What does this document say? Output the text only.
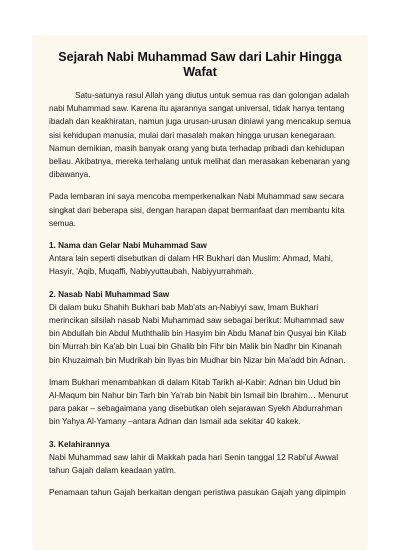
Sejarah Nabi Muhammad Saw dari Lahir Hingga Wafat

Satu-satunya rasul Allah yang diutus untuk semua ras dan golongan adalah nabi Muhammad saw. Karena itu ajarannya sangat universal, tidak hanya tentang ibadah dan keakhiratan, namun juga urusan-urusan diniawi yang mencakup semua sisi kehidupan manusia, mulai dari masalah makan hingga urusan kenegaraan. Namun demikian, masih banyak orang yang buta terhadap pribadi dan kehidupan beliau. Akibatnya, mereka terhalang untuk melihat dan merasakan kebenaran yang dibawanya.

Pada lembaran ini saya mencoba memperkenalkan Nabi Muhammad saw secara singkat dari beberapa sisi, dengan harapan dapat bermanfaat dan membantu kita semua.

1. Nama dan Gelar Nabi Muhammad Saw

Antara lain seperti disebutkan di dalam HR Bukhari dan Muslim: Ahmad, Mahi, Hasyir, 'Aqib, Muqaffi, Nabiyyuttaubah, Nabiyyurrahmah.

2. Nasab Nabi Muhammad Saw

Di dalam buku Shahih Bukhari bab Mab'ats an-Nabiyyi saw, Imam Bukhari merincikan silsilah nasab Nabi Muhammad saw sebagai berikut: Muhammad saw bin Abdullah bin Abdul Muththalib bin Hasyim bin Abdu Manaf bin Qusyai bin Kilab bin Murrah bin Ka'ab bin Luai bin Ghalib bin Fihr bin Malik bin Nadhr bin Kinanah bin Khuzaimah bin Mudrikah bin Ilyas bin Mudhar bin Nizar bin Ma'add bin Adnan.

Imam Bukhari menambahkan di dalam Kitab Tarikh al-Kabir: Adnan bin Udud bin Al-Maqum bin Nahur bin Tarh bin Ya'rab bin Nabit bin Ismail bin Ibrahim… Menurut para pakar – sebagaimana yang disebutkan oleh sejarawan Syekh Abdurrahman bin Yahya Al-Yamany –antara Adnan dan Ismail ada sekitar 40 kakek.

3. Kelahirannya

Nabi Muhammad saw lahir di Makkah pada hari Senin tanggal 12 Rabi'ul Awwal tahun Gajah dalam keadaan yatim.

Penamaan tahun Gajah berkaitan dengan peristiwa pasukan Gajah yang dipimpin
